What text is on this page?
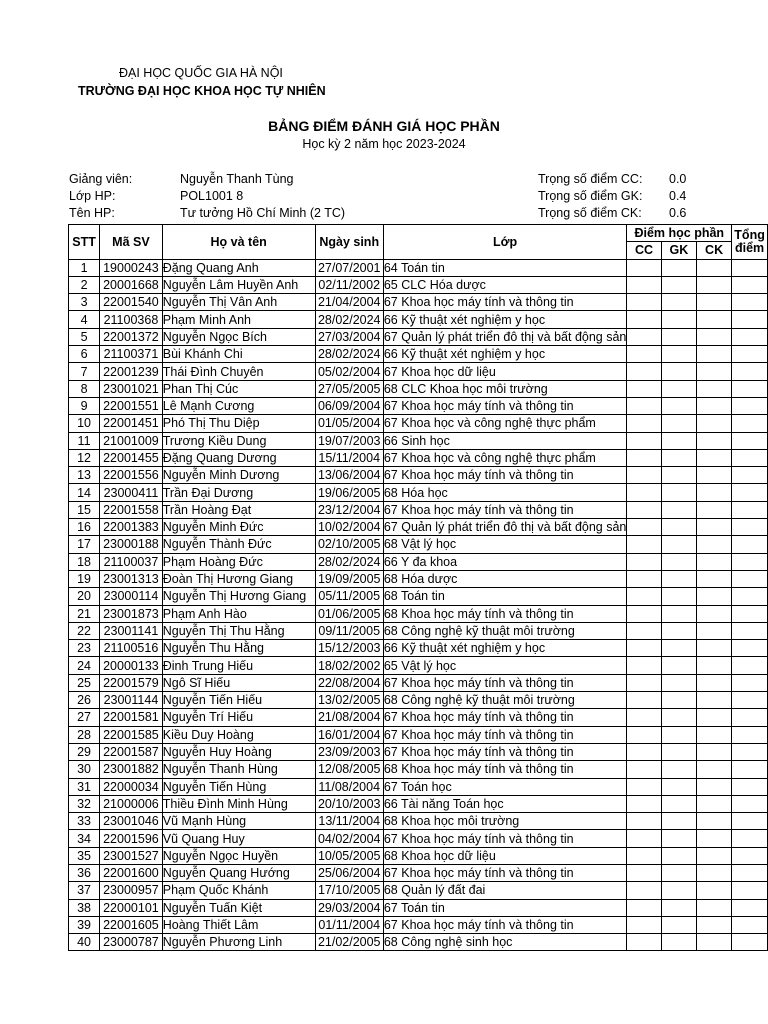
ĐẠI HỌC QUỐC GIA HÀ NỘI
TRƯỜNG ĐẠI HỌC KHOA HỌC TỰ NHIÊN
BẢNG ĐIỂM ĐÁNH GIÁ HỌC PHẦN
Học kỳ 2 năm học 2023-2024
Giảng viên:	Nguyễn Thanh Tùng
Lớp HP:	POL1001 8
Tên HP:	Tư tưởng Hồ Chí Minh (2 TC)
Trọng số điểm CC: 0.0
Trọng số điểm GK: 0.4
Trọng số điểm CK: 0.6
STT	Mã SV	Họ và tên	Ngày sinh	Lớp	Điểm học phần			Tổng điểm
					CC	GK	CK	
1	19000243	Đặng Quang Anh	27/07/2001	64 Toán tin				
2	20001668	Nguyễn Lâm Huyền Anh	02/11/2002	65 CLC Hóa dược				
3	22001540	Nguyễn Thị Vân Anh	21/04/2004	67 Khoa học máy tính và thông tin				
4	21100368	Phạm Minh Anh	28/02/2024	66 Kỹ thuật xét nghiệm y học				
5	22001372	Nguyễn Ngọc Bích	27/03/2004	67 Quản lý phát triển đô thị và bất động sản				
6	21100371	Bùi Khánh Chi	28/02/2024	66 Kỹ thuật xét nghiệm y học				
7	22001239	Thái Đình Chuyên	05/02/2004	67 Khoa học dữ liệu				
8	23001021	Phan Thị Cúc	27/05/2005	68 CLC Khoa học môi trường				
9	22001551	Lê Mạnh Cương	06/09/2004	67 Khoa học máy tính và thông tin				
10	22001451	Phó Thị Thu Diệp	01/05/2004	67 Khoa học và công nghệ thực phẩm				
11	21001009	Trương Kiều Dung	19/07/2003	66 Sinh học				
12	22001455	Đặng Quang Dương	15/11/2004	67 Khoa học và công nghệ thực phẩm				
13	22001556	Nguyễn Minh Dương	13/06/2004	67 Khoa học máy tính và thông tin				
14	23000411	Trần Đại Dương	19/06/2005	68 Hóa học				
15	22001558	Trần Hoàng Đạt	23/12/2004	67 Khoa học máy tính và thông tin				
16	22001383	Nguyễn Minh Đức	10/02/2004	67 Quản lý phát triển đô thị và bất động sản				
17	23000188	Nguyễn Thành Đức	02/10/2005	68 Vật lý học				
18	21100037	Phạm Hoàng Đức	28/02/2024	66 Y đa khoa				
19	23001313	Đoàn Thị Hương Giang	19/09/2005	68 Hóa dược				
20	23000114	Nguyễn Thị Hương Giang	05/11/2005	68 Toán tin				
21	23001873	Phạm Anh Hào	01/06/2005	68 Khoa học máy tính và thông tin				
22	23001141	Nguyễn Thị Thu Hằng	09/11/2005	68 Công nghệ kỹ thuật môi trường				
23	21100516	Nguyễn Thu Hằng	15/12/2003	66 Kỹ thuật xét nghiệm y học				
24	20000133	Đinh Trung Hiếu	18/02/2002	65 Vật lý học				
25	22001579	Ngô Sĩ Hiếu	22/08/2004	67 Khoa học máy tính và thông tin				
26	23001144	Nguyễn Tiến Hiếu	13/02/2005	68 Công nghệ kỹ thuật môi trường				
27	22001581	Nguyễn Trí Hiếu	21/08/2004	67 Khoa học máy tính và thông tin				
28	22001585	Kiều Duy Hoàng	16/01/2004	67 Khoa học máy tính và thông tin				
29	22001587	Nguyễn Huy Hoàng	23/09/2003	67 Khoa học máy tính và thông tin				
30	23001882	Nguyễn Thanh Hùng	12/08/2005	68 Khoa học máy tính và thông tin				
31	22000034	Nguyễn Tiến Hùng	11/08/2004	67 Toán học				
32	21000006	Thiều Đình Minh Hùng	20/10/2003	66 Tài năng Toán học				
33	23001046	Vũ Mạnh Hùng	13/11/2004	68 Khoa học môi trường				
34	22001596	Vũ Quang Huy	04/02/2004	67 Khoa học máy tính và thông tin				
35	23001527	Nguyễn Ngọc Huyền	10/05/2005	68 Khoa học dữ liệu				
36	22001600	Nguyễn Quang Hướng	25/06/2004	67 Khoa học máy tính và thông tin				
37	23000957	Phạm Quốc Khánh	17/10/2005	68 Quản lý đất đai				
38	22000101	Nguyễn Tuấn Kiệt	29/03/2004	67 Toán tin				
39	22001605	Hoàng Thiết Lâm	01/11/2004	67 Khoa học máy tính và thông tin				
40	23000787	Nguyễn Phương Linh	21/02/2005	68 Công nghệ sinh học				
